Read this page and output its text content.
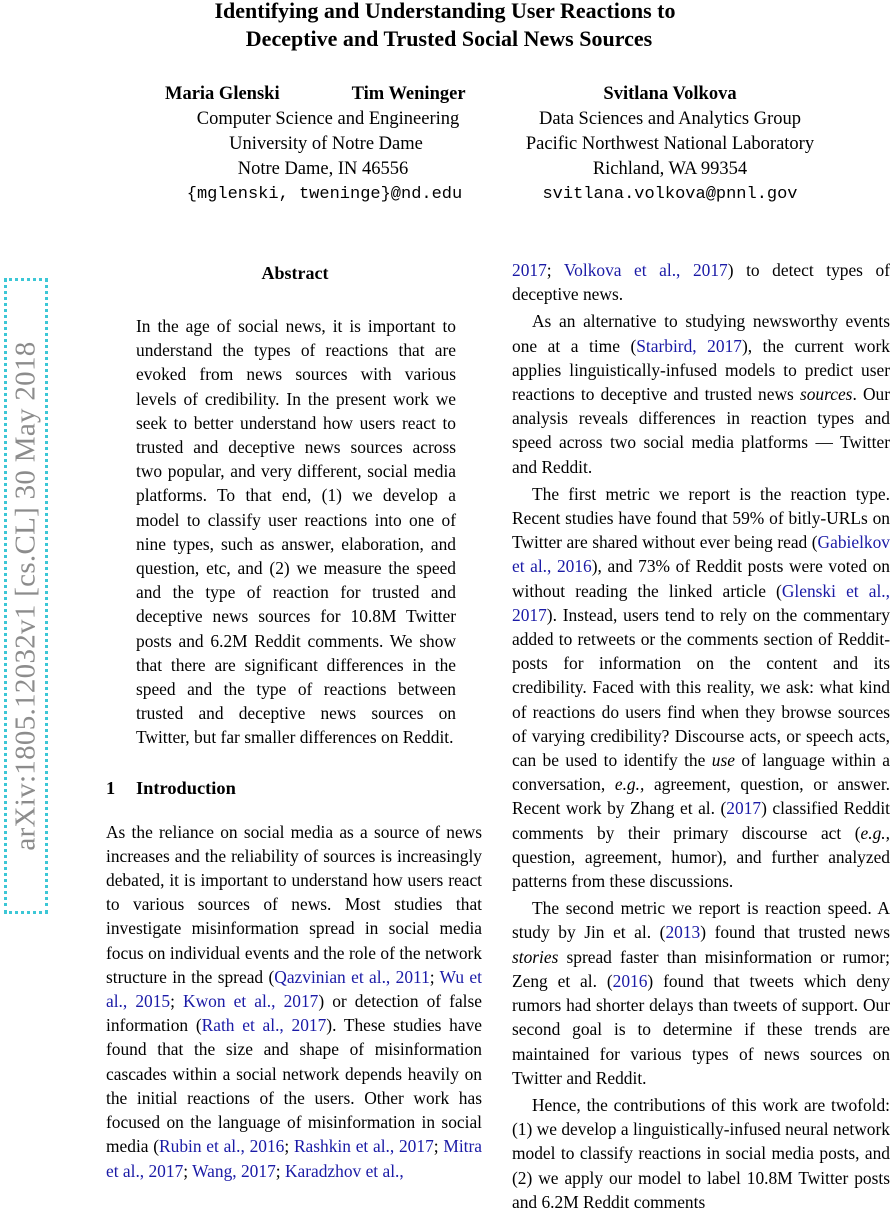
Identifying and Understanding User Reactions to
Deceptive and Trusted Social News Sources
Maria Glenski	Tim Weninger
Computer Science and Engineering
University of Notre Dame
Notre Dame, IN 46556
{mglenski, tweninge}@nd.edu
Svitlana Volkova
Data Sciences and Analytics Group
Pacific Northwest National Laboratory
Richland, WA 99354
svitlana.volkova@pnnl.gov
arXiv:1805.12032v1 [cs.CL] 30 May 2018
Abstract

In the age of social news, it is important to understand the types of reactions that are evoked from news sources with various levels of credibility. In the present work we seek to better understand how users react to trusted and deceptive news sources across two popular, and very different, social media platforms. To that end, (1) we develop a model to classify user reactions into one of nine types, such as answer, elaboration, and question, etc, and (2) we measure the speed and the type of reaction for trusted and deceptive news sources for 10.8M Twitter posts and 6.2M Reddit comments. We show that there are significant differences in the speed and the type of reactions between trusted and deceptive news sources on Twitter, but far smaller differences on Reddit.

1 Introduction

As the reliance on social media as a source of news increases and the reliability of sources is increasingly debated, it is important to understand how users react to various sources of news. Most studies that investigate misinformation spread in social media focus on individual events and the role of the network structure in the spread (Qazvinian et al., 2011; Wu et al., 2015; Kwon et al., 2017) or detection of false information (Rath et al., 2017). These studies have found that the size and shape of misinformation cascades within a social network depends heavily on the initial reactions of the users. Other work has focused on the language of misinformation in social media (Rubin et al., 2016; Rashkin et al., 2017; Mitra et al., 2017; Wang, 2017; Karadzhov et al.,

2017; Volkova et al., 2017) to detect types of deceptive news.

As an alternative to studying newsworthy events one at a time (Starbird, 2017), the current work applies linguistically-infused models to predict user reactions to deceptive and trusted news sources. Our analysis reveals differences in reaction types and speed across two social media platforms — Twitter and Reddit.

The first metric we report is the reaction type. Recent studies have found that 59% of bitly-URLs on Twitter are shared without ever being read (Gabielkov et al., 2016), and 73% of Reddit posts were voted on without reading the linked article (Glenski et al., 2017). Instead, users tend to rely on the commentary added to retweets or the comments section of Reddit-posts for information on the content and its credibility. Faced with this reality, we ask: what kind of reactions do users find when they browse sources of varying credibility? Discourse acts, or speech acts, can be used to identify the use of language within a conversation, e.g., agreement, question, or answer. Recent work by Zhang et al. (2017) classified Reddit comments by their primary discourse act (e.g., question, agreement, humor), and further analyzed patterns from these discussions.

The second metric we report is reaction speed. A study by Jin et al. (2013) found that trusted news stories spread faster than misinformation or rumor; Zeng et al. (2016) found that tweets which deny rumors had shorter delays than tweets of support. Our second goal is to determine if these trends are maintained for various types of news sources on Twitter and Reddit.

Hence, the contributions of this work are twofold: (1) we develop a linguistically-infused neural network model to classify reactions in social media posts, and (2) we apply our model to label 10.8M Twitter posts and 6.2M Reddit comments
